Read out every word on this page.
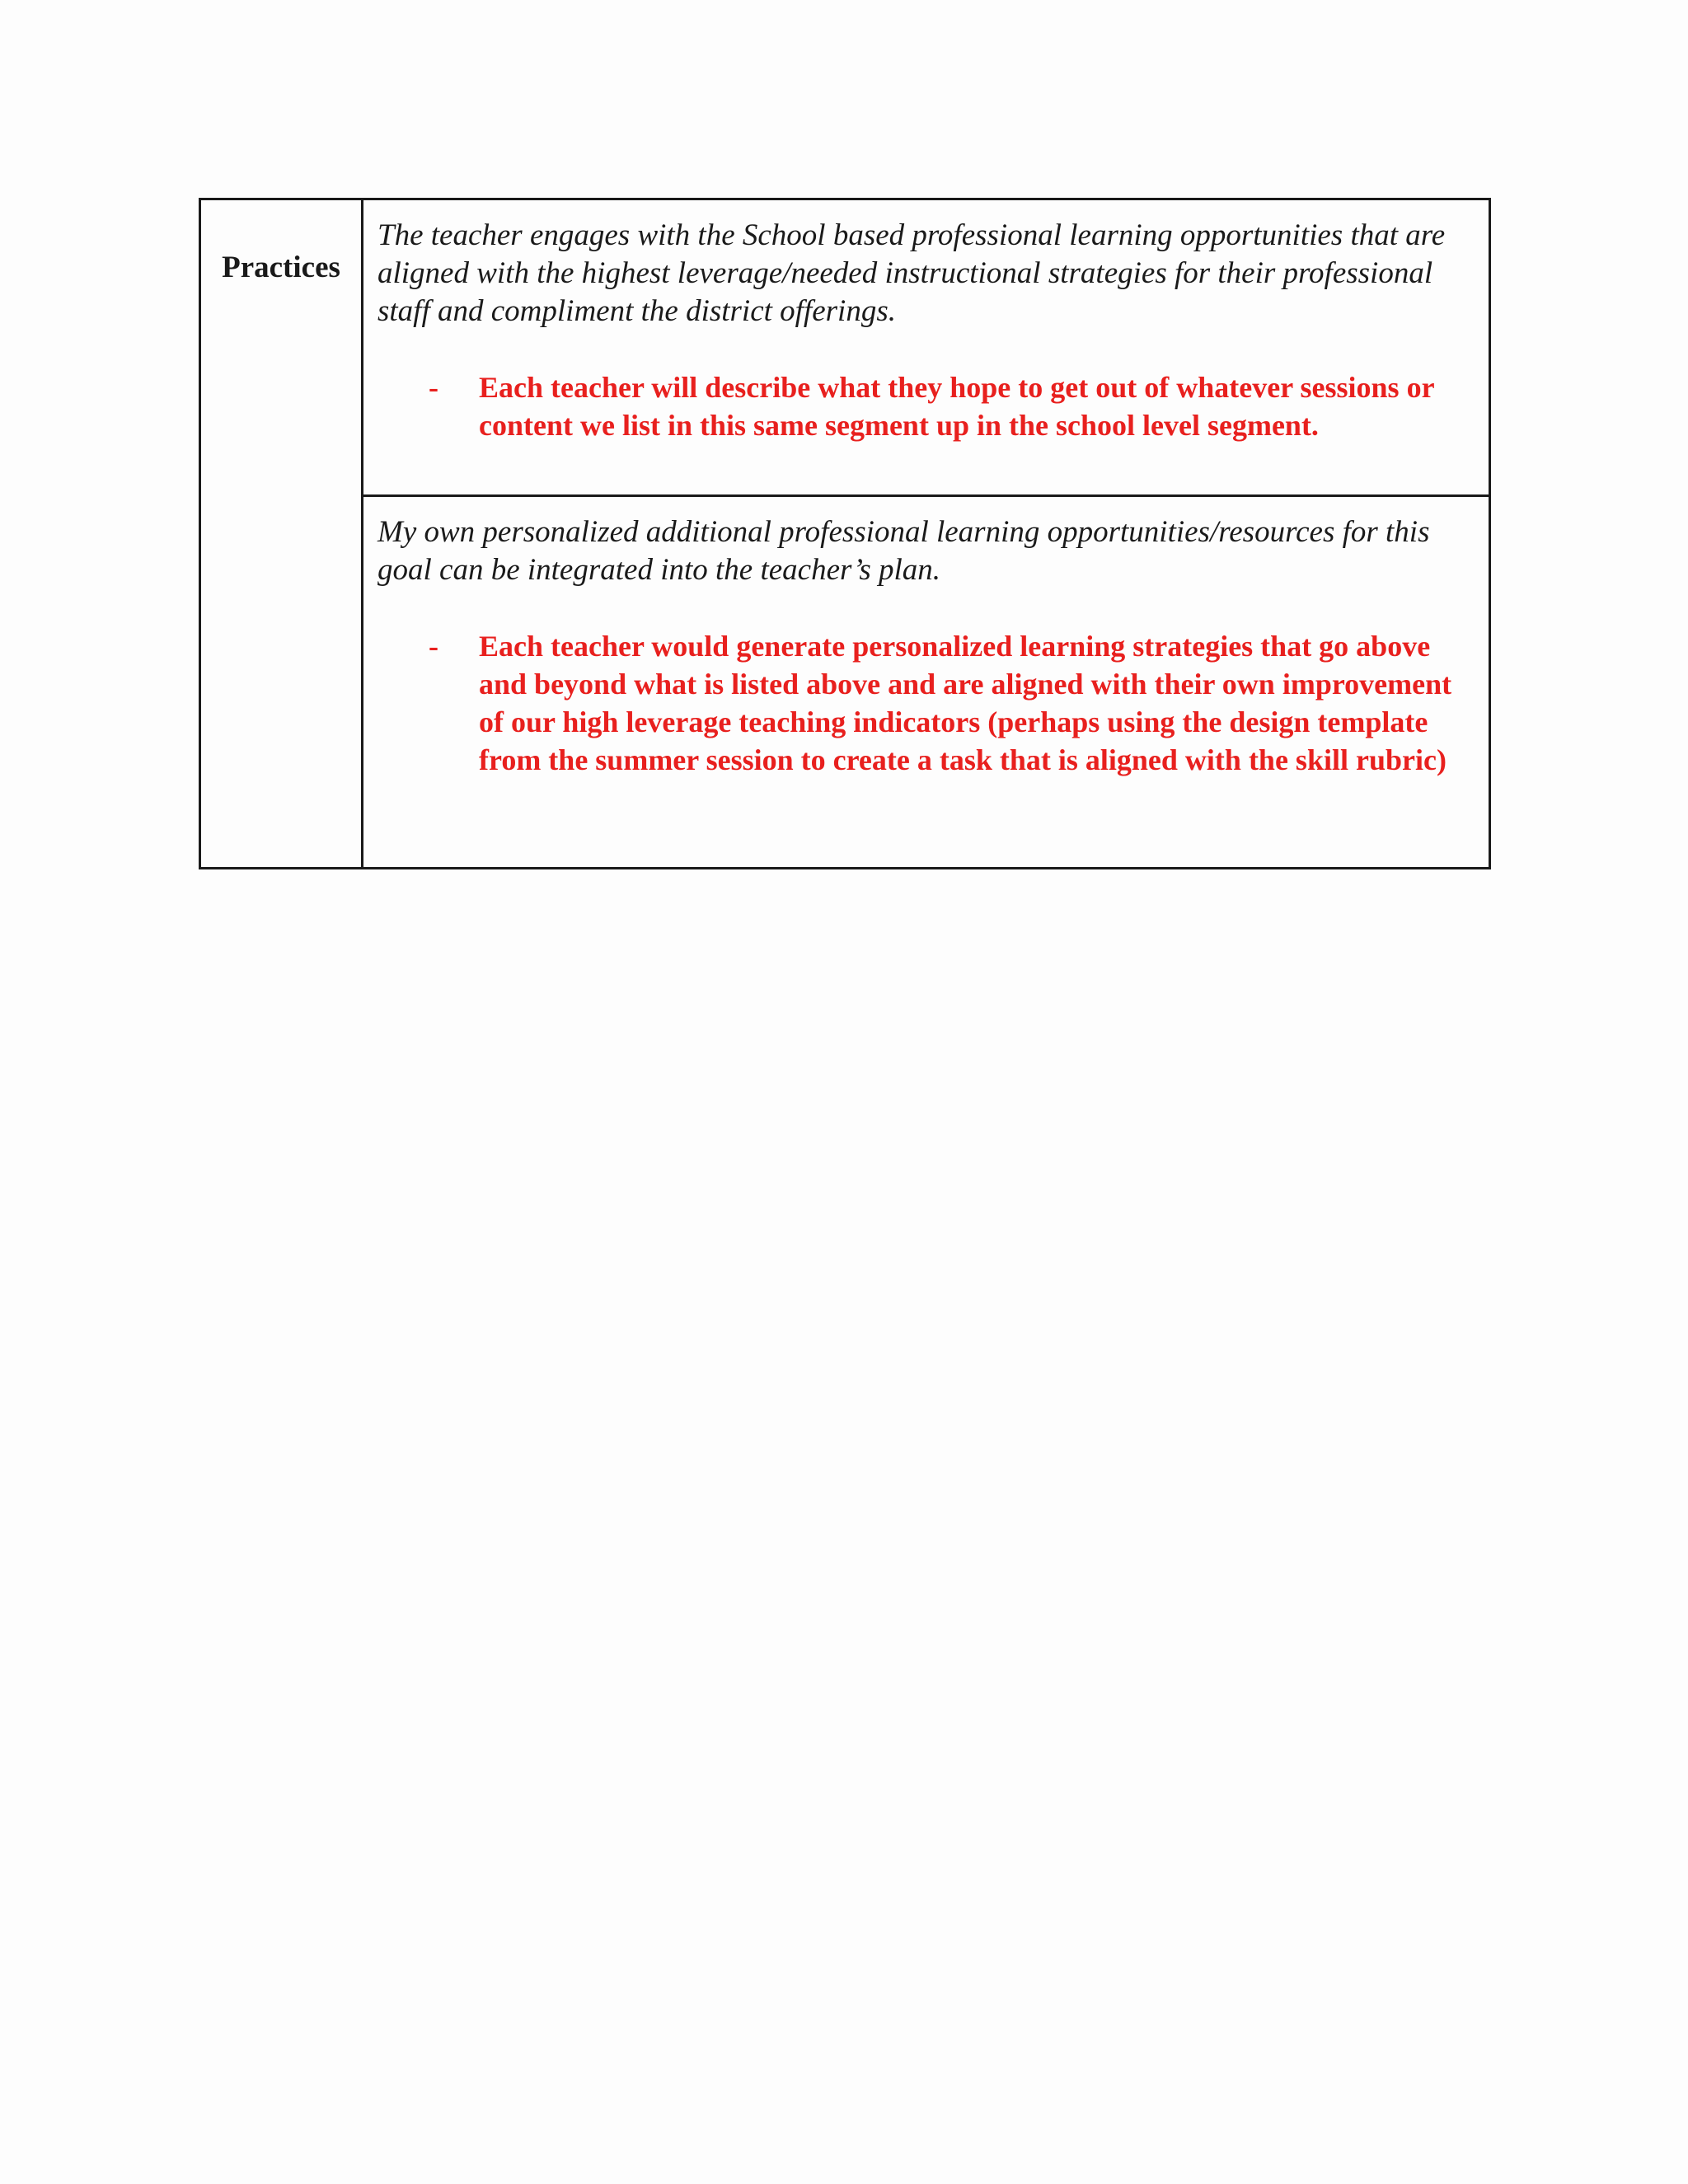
Practices

The teacher engages with the School based professional learning opportunities that are aligned with the highest leverage/needed instructional strategies for their professional staff and compliment the district offerings.

-	Each teacher will describe what they hope to get out of whatever sessions or content we list in this same segment up in the school level segment.

My own personalized additional professional learning opportunities/resources for this goal can be integrated into the teacher’s plan.

-	Each teacher would generate personalized learning strategies that go above and beyond what is listed above and are aligned with their own improvement of our high leverage teaching indicators (perhaps using the design template from the summer session to create a task that is aligned with the skill rubric)
